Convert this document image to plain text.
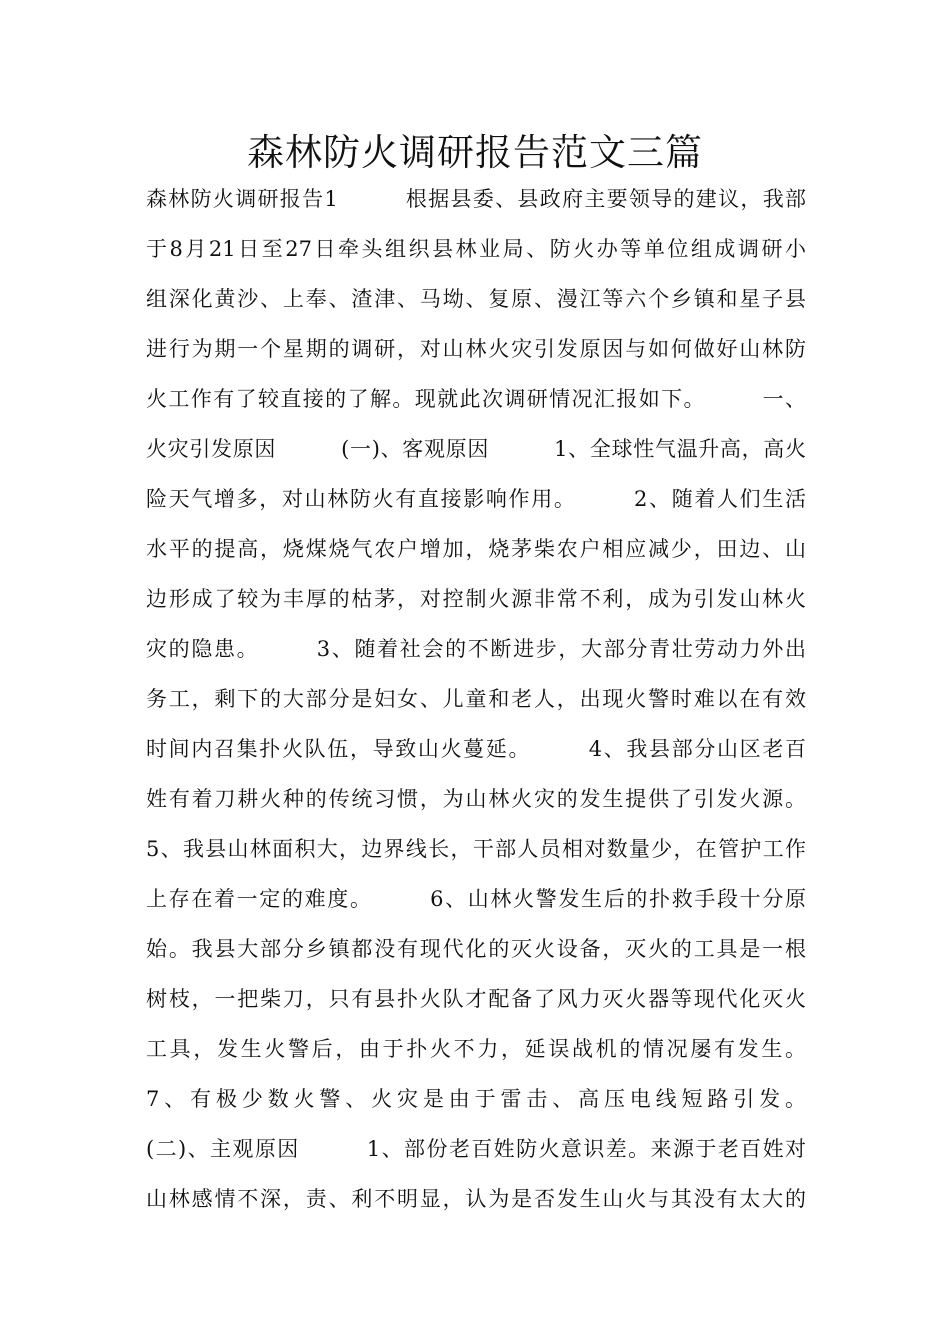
森林防火调研报告范文三篇
森林防火调研报告1　　　根据县委、县政府主要领导的建议，我部
于8月21日至27日牵头组织县林业局、防火办等单位组成调研小
组深化黄沙、上奉、渣津、马坳、复原、漫江等六个乡镇和星子县
进行为期一个星期的调研，对山林火灾引发原因与如何做好山林防
火工作有了较直接的了解。现就此次调研情况汇报如下。　　　一、
火灾引发原因　　　(一)、客观原因　　　1、全球性气温升高，高火
险天气增多，对山林防火有直接影响作用。　　　2、随着人们生活
水平的提高，烧煤烧气农户增加，烧茅柴农户相应减少，田边、山
边形成了较为丰厚的枯茅，对控制火源非常不利，成为引发山林火
灾的隐患。　　　3、随着社会的不断进步，大部分青壮劳动力外出
务工，剩下的大部分是妇女、儿童和老人，出现火警时难以在有效
时间内召集扑火队伍，导致山火蔓延。　　　4、我县部分山区老百
姓有着刀耕火种的传统习惯，为山林火灾的发生提供了引发火源。
5、我县山林面积大，边界线长，干部人员相对数量少，在管护工作
上存在着一定的难度。　　　6、山林火警发生后的扑救手段十分原
始。我县大部分乡镇都没有现代化的灭火设备，灭火的工具是一根
树枝，一把柴刀，只有县扑火队才配备了风力灭火器等现代化灭火
工具，发生火警后，由于扑火不力，延误战机的情况屡有发生。
7、有极少数火警、火灾是由于雷击、高压电线短路引发。
(二)、主观原因　　　1、部份老百姓防火意识差。来源于老百姓对
山林感情不深，责、利不明显，认为是否发生山火与其没有太大的
